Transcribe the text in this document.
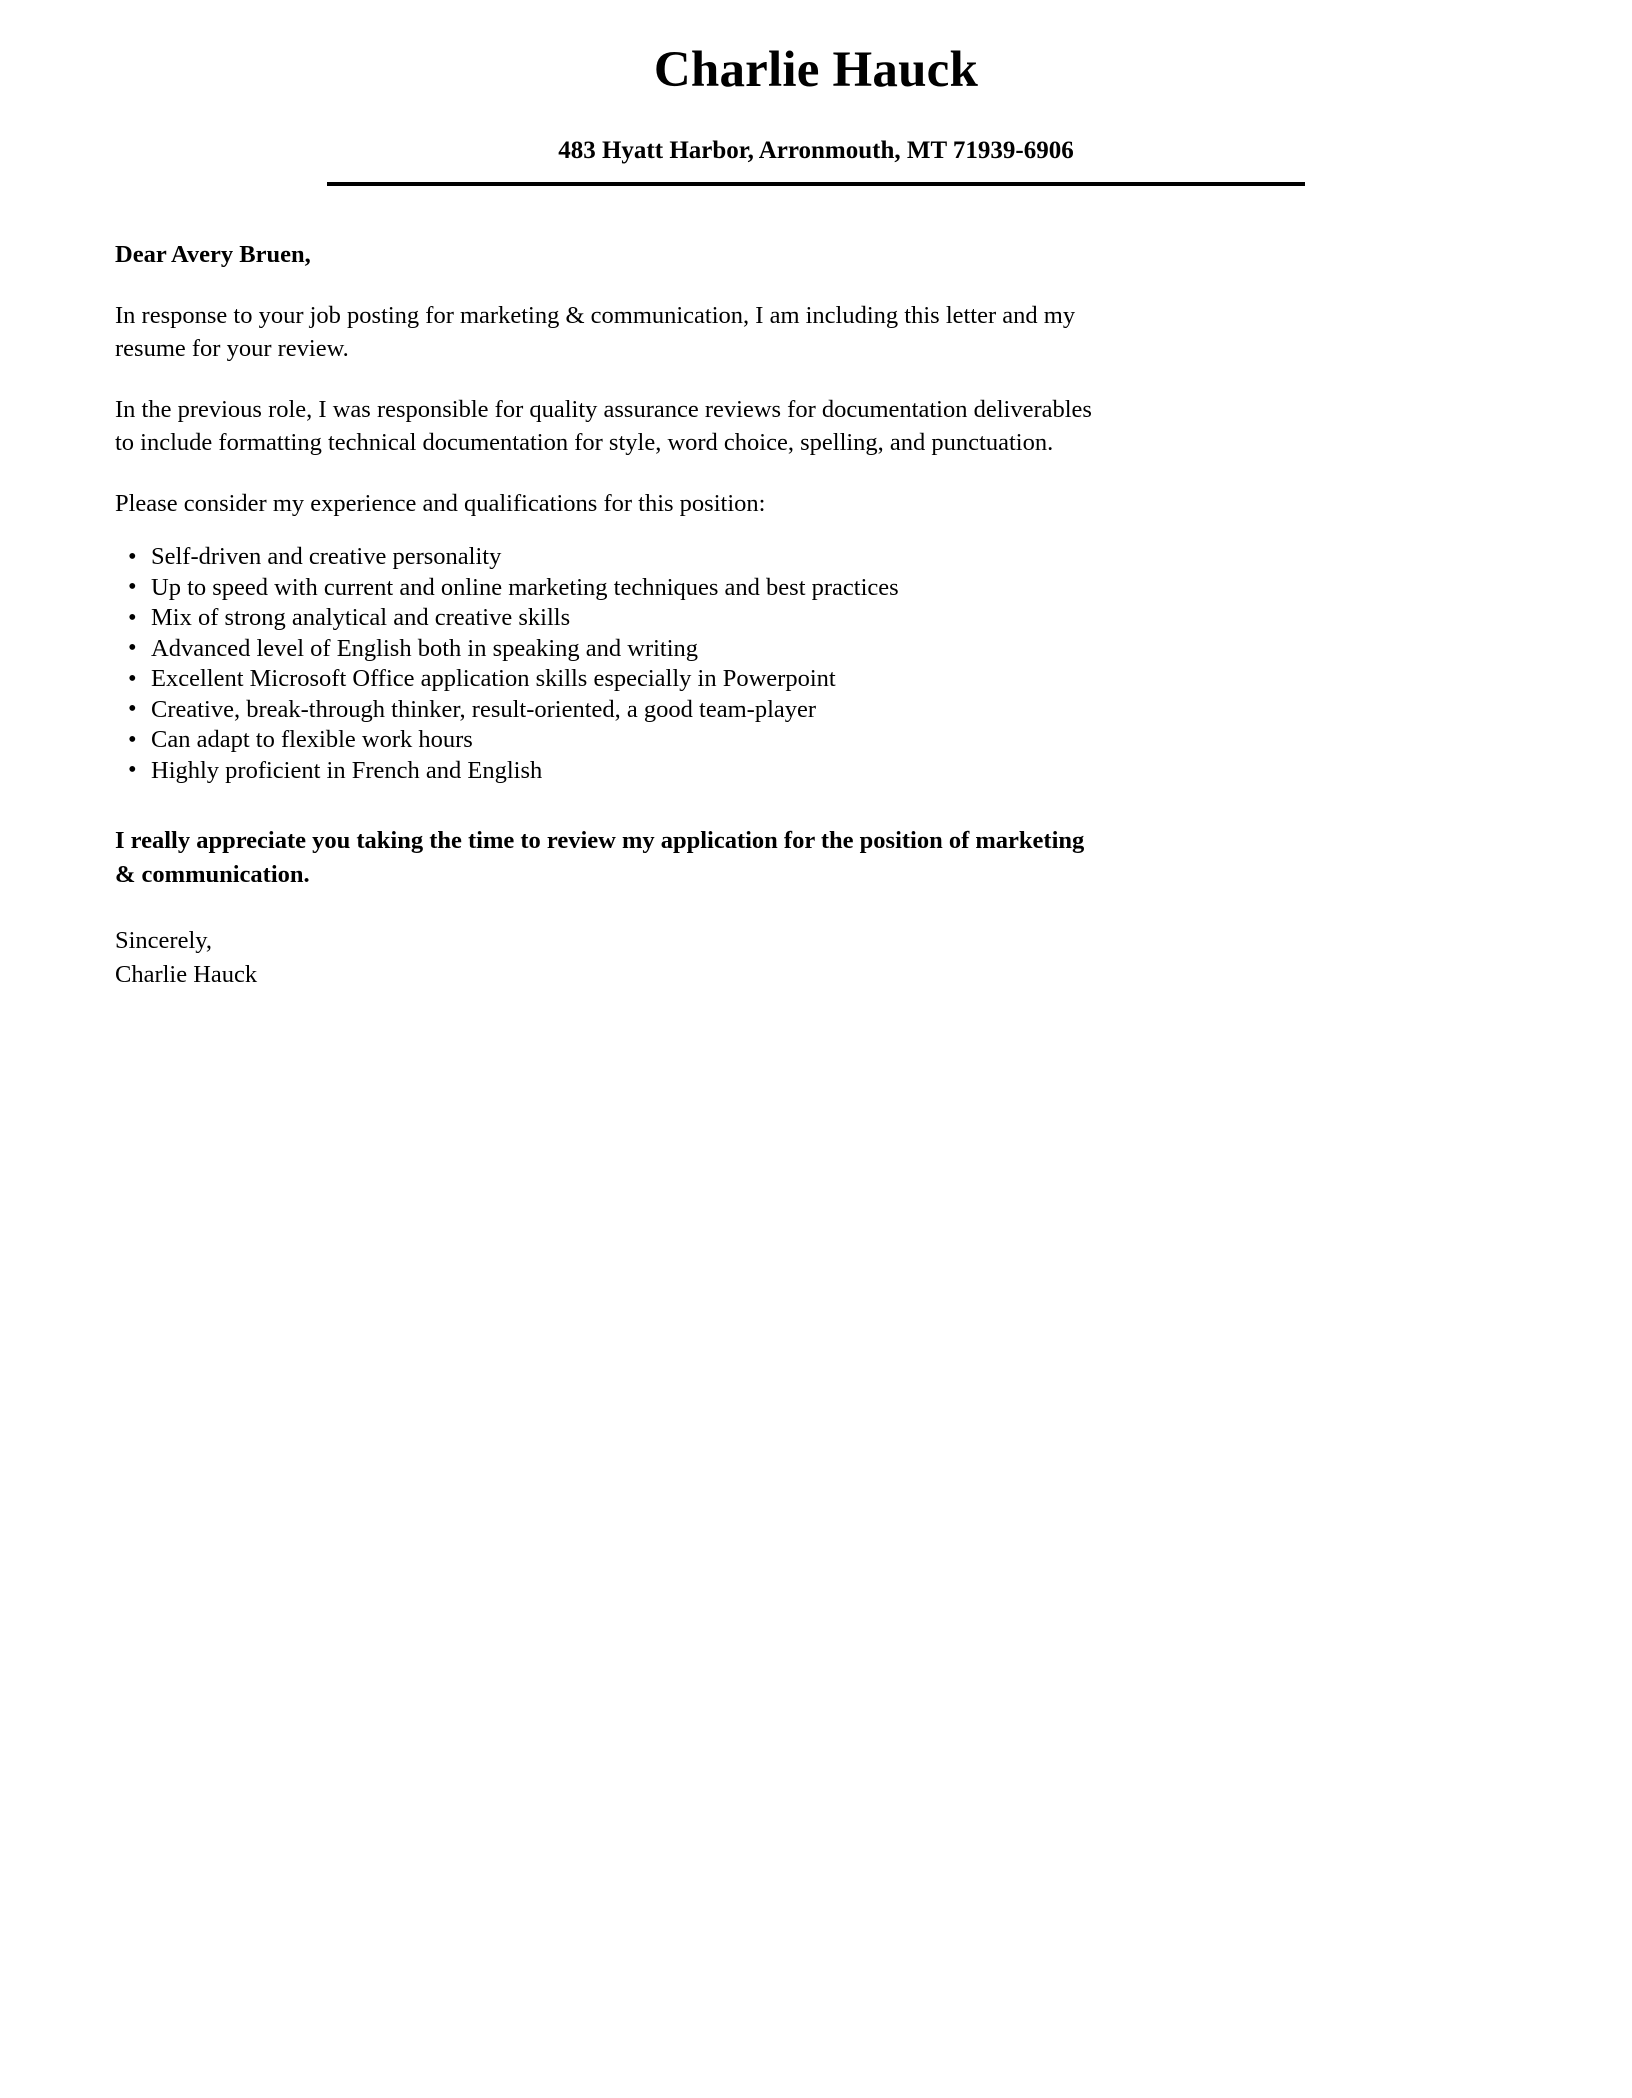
Charlie Hauck
483 Hyatt Harbor, Arronmouth, MT 71939-6906

Dear Avery Bruen,

In response to your job posting for marketing & communication, I am including this letter and my resume for your review.

In the previous role, I was responsible for quality assurance reviews for documentation deliverables to include formatting technical documentation for style, word choice, spelling, and punctuation.

Please consider my experience and qualifications for this position:

• Self-driven and creative personality
• Up to speed with current and online marketing techniques and best practices
• Mix of strong analytical and creative skills
• Advanced level of English both in speaking and writing
• Excellent Microsoft Office application skills especially in Powerpoint
• Creative, break-through thinker, result-oriented, a good team-player
• Can adapt to flexible work hours
• Highly proficient in French and English

I really appreciate you taking the time to review my application for the position of marketing & communication.

Sincerely,

Charlie Hauck
